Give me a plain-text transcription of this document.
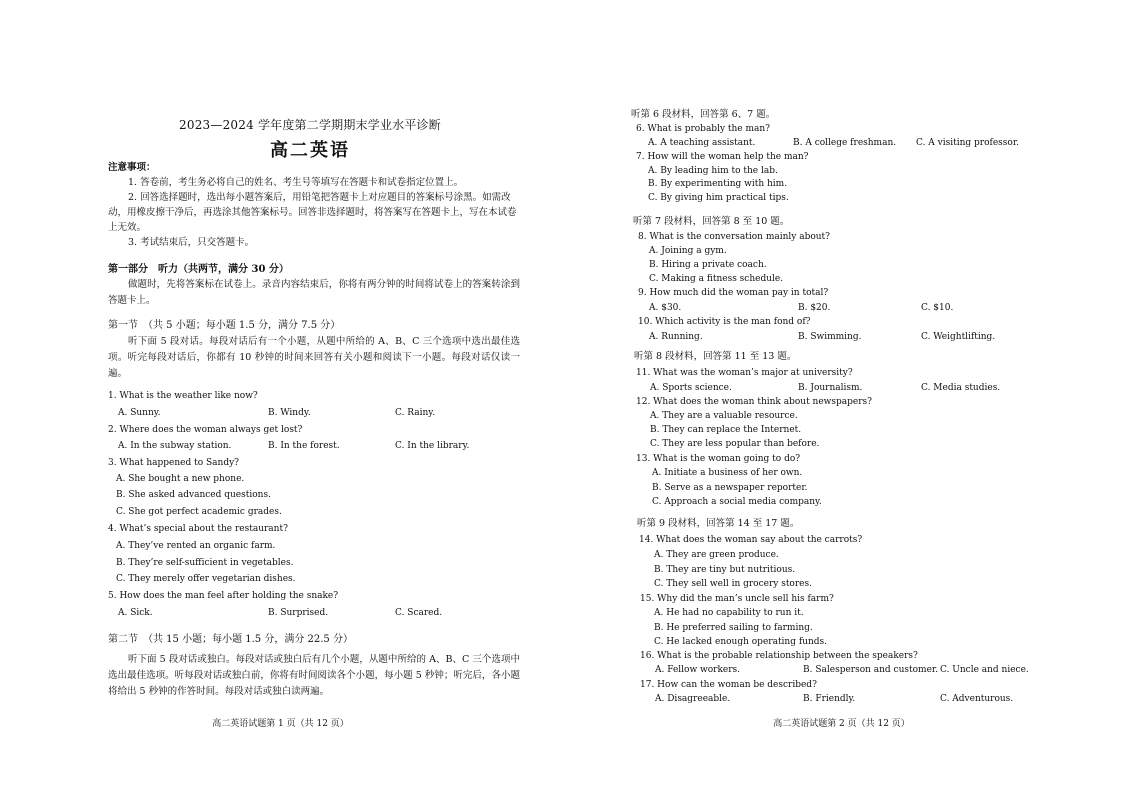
2023—2024 学年度第二学期期末学业水平诊断
高二英语
注意事项：
1. 答卷前，考生务必将自己的姓名、考生号等填写在答题卡和试卷指定位置上。
2. 回答选择题时，选出每小题答案后，用铅笔把答题卡上对应题目的答案标号涂黑。如需改动，用橡皮擦干净后，再选涂其他答案标号。回答非选择题时，将答案写在答题卡上，写在本试卷上无效。
3. 考试结束后，只交答题卡。
第一部分　听力（共两节，满分 30 分）
做题时，先将答案标在试卷上。录音内容结束后，你将有两分钟的时间将试卷上的答案转涂到答题卡上。
第一节　（共 5 小题；每小题 1.5 分，满分 7.5 分）
听下面 5 段对话。每段对话后有一个小题，从题中所给的 A、B、C 三个选项中选出最佳选项。听完每段对话后，你都有 10 秒钟的时间来回答有关小题和阅读下一小题。每段对话仅读一遍。
1. What is the weather like now?
A. Sunny.	B. Windy.	C. Rainy.
2. Where does the woman always get lost?
A. In the subway station.	B. In the forest.	C. In the library.
3. What happened to Sandy?
A. She bought a new phone.
B. She asked advanced questions.
C. She got perfect academic grades.
4. What’s special about the restaurant?
A. They’ve rented an organic farm.
B. They’re self-sufficient in vegetables.
C. They merely offer vegetarian dishes.
5. How does the man feel after holding the snake?
A. Sick.	B. Surprised.	C. Scared.
第二节　（共 15 小题；每小题 1.5 分，满分 22.5 分）
听下面 5 段对话或独白。每段对话或独白后有几个小题，从题中所给的 A、B、C 三个选项中选出最佳选项。听每段对话或独白前，你将有时间阅读各个小题，每小题 5 秒钟；听完后，各小题将给出 5 秒钟的作答时间。每段对话或独白读两遍。
高二英语试题第 1 页（共 12 页）
听第 6 段材料，回答第 6、7 题。
6. What is probably the man?
A. A teaching assistant.	B. A college freshman. C. A visiting professor.
7. How will the woman help the man?
A. By leading him to the lab.
B. By experimenting with him.
C. By giving him practical tips.
听第 7 段材料，回答第 8 至 10 题。
8. What is the conversation mainly about?
A. Joining a gym.
B. Hiring a private coach.
C. Making a fitness schedule.
9. How much did the woman pay in total?
A. $30.	B. $20.	C. $10.
10. Which activity is the man fond of?
A. Running.	B. Swimming.	C. Weightlifting.
听第 8 段材料，回答第 11 至 13 题。
11. What was the woman’s major at university?
A. Sports science.	B. Journalism.	C. Media studies.
12. What does the woman think about newspapers?
A. They are a valuable resource.
B. They can replace the Internet.
C. They are less popular than before.
13. What is the woman going to do?
A. Initiate a business of her own.
B. Serve as a newspaper reporter.
C. Approach a social media company.
听第 9 段材料，回答第 14 至 17 题。
14. What does the woman say about the carrots?
A. They are green produce.
B. They are tiny but nutritious.
C. They sell well in grocery stores.
15. Why did the man’s uncle sell his farm?
A. He had no capability to run it.
B. He preferred sailing to farming.
C. He lacked enough operating funds.
16. What is the probable relationship between the speakers?
A. Fellow workers.	B. Salesperson and customer. C. Uncle and niece.
17. How can the woman be described?
A. Disagreeable.	B. Friendly.	C. Adventurous.
高二英语试题第 2 页（共 12 页）
